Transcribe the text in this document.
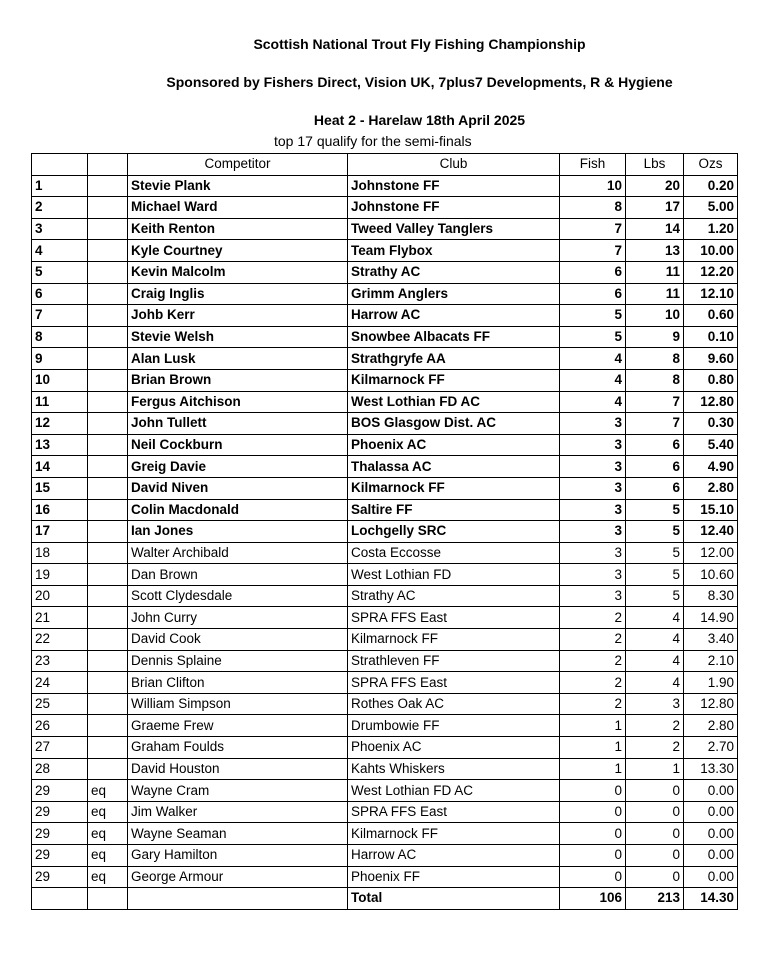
Scottish National Trout Fly Fishing Championship
Sponsored by Fishers Direct, Vision UK, 7plus7 Developments, R & Hygiene
Heat 2 - Harelaw 18th April 2025
top 17 qualify for the semi-finals
		Competitor	Club	Fish	Lbs	Ozs
1		Stevie Plank	Johnstone FF	10	20	0.20
2		Michael Ward	Johnstone FF	8	17	5.00
3		Keith Renton	Tweed Valley Tanglers	7	14	1.20
4		Kyle Courtney	Team Flybox	7	13	10.00
5		Kevin Malcolm	Strathy AC	6	11	12.20
6		Craig Inglis	Grimm Anglers	6	11	12.10
7		Johb Kerr	Harrow AC	5	10	0.60
8		Stevie Welsh	Snowbee Albacats FF	5	9	0.10
9		Alan Lusk	Strathgryfe AA	4	8	9.60
10		Brian Brown	Kilmarnock FF	4	8	0.80
11		Fergus Aitchison	West Lothian FD AC	4	7	12.80
12		John Tullett	BOS Glasgow Dist. AC	3	7	0.30
13		Neil Cockburn	Phoenix AC	3	6	5.40
14		Greig Davie	Thalassa AC	3	6	4.90
15		David Niven	Kilmarnock FF	3	6	2.80
16		Colin Macdonald	Saltire FF	3	5	15.10
17		Ian Jones	Lochgelly SRC	3	5	12.40
18		Walter Archibald	Costa Eccosse	3	5	12.00
19		Dan Brown	West Lothian FD	3	5	10.60
20		Scott Clydesdale	Strathy AC	3	5	8.30
21		John Curry	SPRA FFS East	2	4	14.90
22		David Cook	Kilmarnock FF	2	4	3.40
23		Dennis Splaine	Strathleven FF	2	4	2.10
24		Brian Clifton	SPRA FFS East	2	4	1.90
25		William Simpson	Rothes Oak AC	2	3	12.80
26		Graeme Frew	Drumbowie FF	1	2	2.80
27		Graham Foulds	Phoenix AC	1	2	2.70
28		David Houston	Kahts Whiskers	1	1	13.30
29	eq	Wayne Cram	West Lothian FD AC	0	0	0.00
29	eq	Jim Walker	SPRA FFS East	0	0	0.00
29	eq	Wayne Seaman	Kilmarnock FF	0	0	0.00
29	eq	Gary Hamilton	Harrow AC	0	0	0.00
29	eq	George Armour	Phoenix FF	0	0	0.00
			Total	106	213	14.30
